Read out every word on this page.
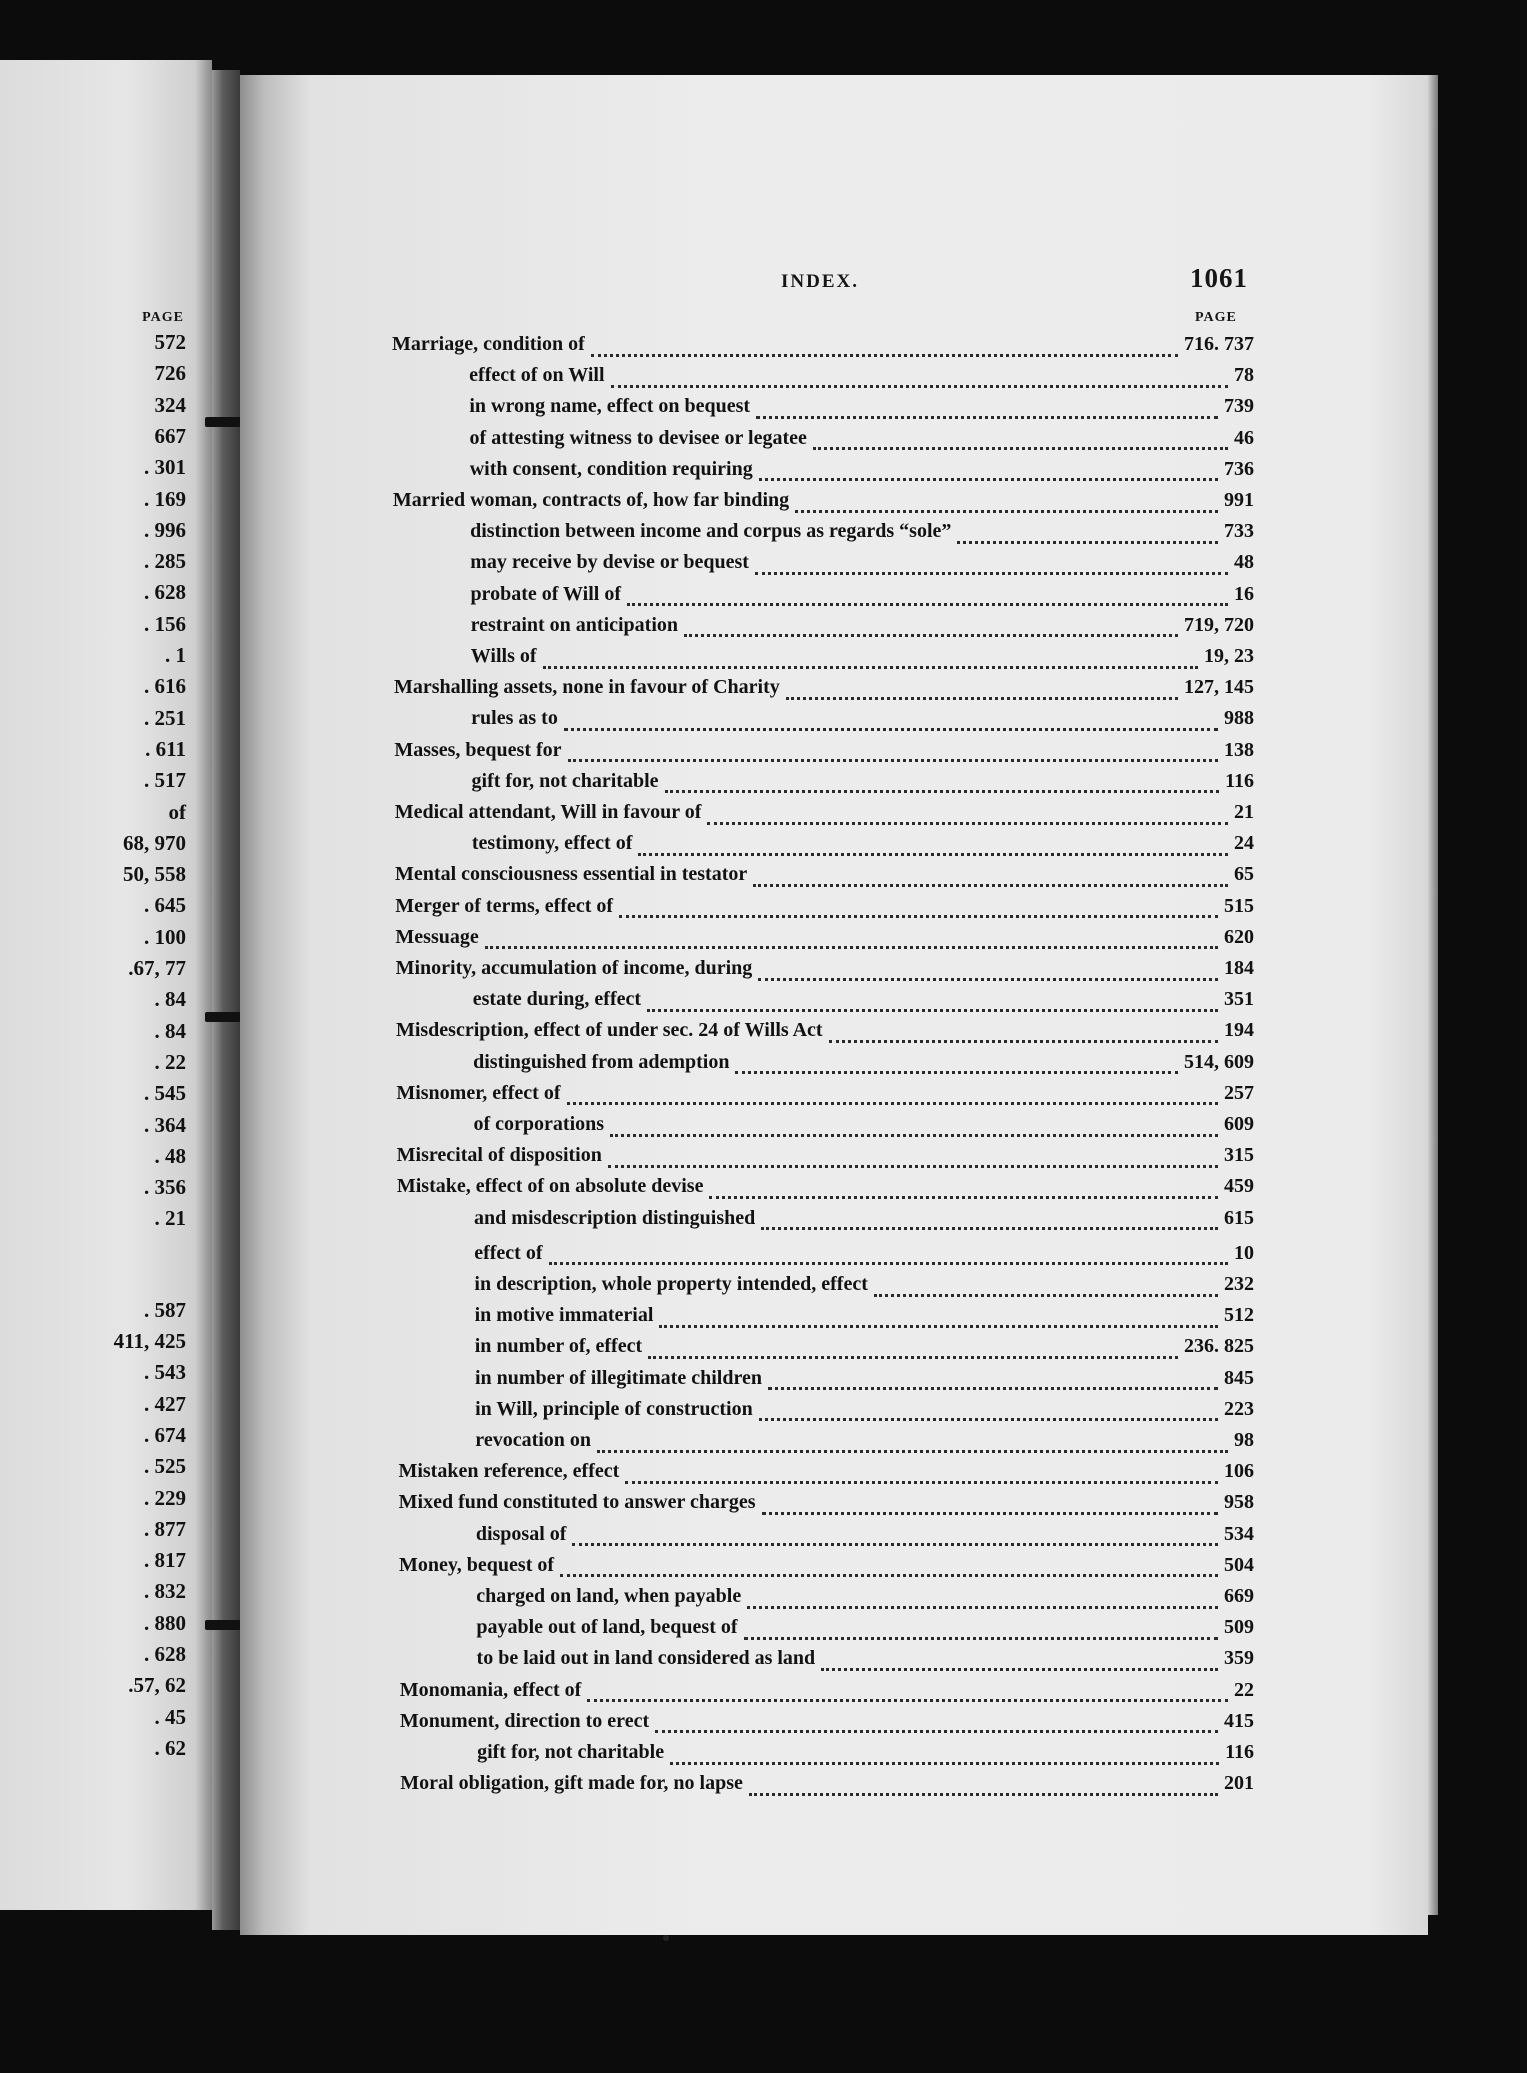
PAGE
572
726
324
667
. 301
. 169
. 996
. 285
. 628
. 156
. 1
. 616
. 251
. 611
. 517
of
68, 970
50, 558
. 645
. 100
.67, 77
. 84
. 84
. 22
. 545
. 364
. 48
. 356
. 21
. 587
411, 425
. 543
. 427
. 674
. 525
. 229
. 877
. 817
. 832
. 880
. 628
.57, 62
. 45
. 62
INDEX.	1061
PAGE
Marriage, condition of	716. 737
effect of on Will	78
in wrong name, effect on bequest	739
of attesting witness to devisee or legatee	46
with consent, condition requiring	736
Married woman, contracts of, how far binding	991
distinction between income and corpus as regards “sole”	733
may receive by devise or bequest	48
probate of Will of	16
restraint on anticipation	719, 720
Wills of	19, 23
Marshalling assets, none in favour of Charity	127, 145
rules as to	988
Masses, bequest for	138
gift for, not charitable	116
Medical attendant, Will in favour of	21
testimony, effect of	24
Mental consciousness essential in testator	65
Merger of terms, effect of	515
Messuage	620
Minority, accumulation of income, during	184
estate during, effect	351
Misdescription, effect of under sec. 24 of Wills Act	194
distinguished from ademption	514, 609
Misnomer, effect of	257
of corporations	609
Misrecital of disposition	315
Mistake, effect of on absolute devise	459
and misdescription distinguished	615
effect of	10
in description, whole property intended, effect	232
in motive immaterial	512
in number of, effect	236. 825
in number of illegitimate children	845
in Will, principle of construction	223
revocation on	98
Mistaken reference, effect	106
Mixed fund constituted to answer charges	958
disposal of	534
Money, bequest of	504
charged on land, when payable	669
payable out of land, bequest of	509
to be laid out in land considered as land	359
Monomania, effect of	22
Monument, direction to erect	415
gift for, not charitable	116
Moral obligation, gift made for, no lapse	201
